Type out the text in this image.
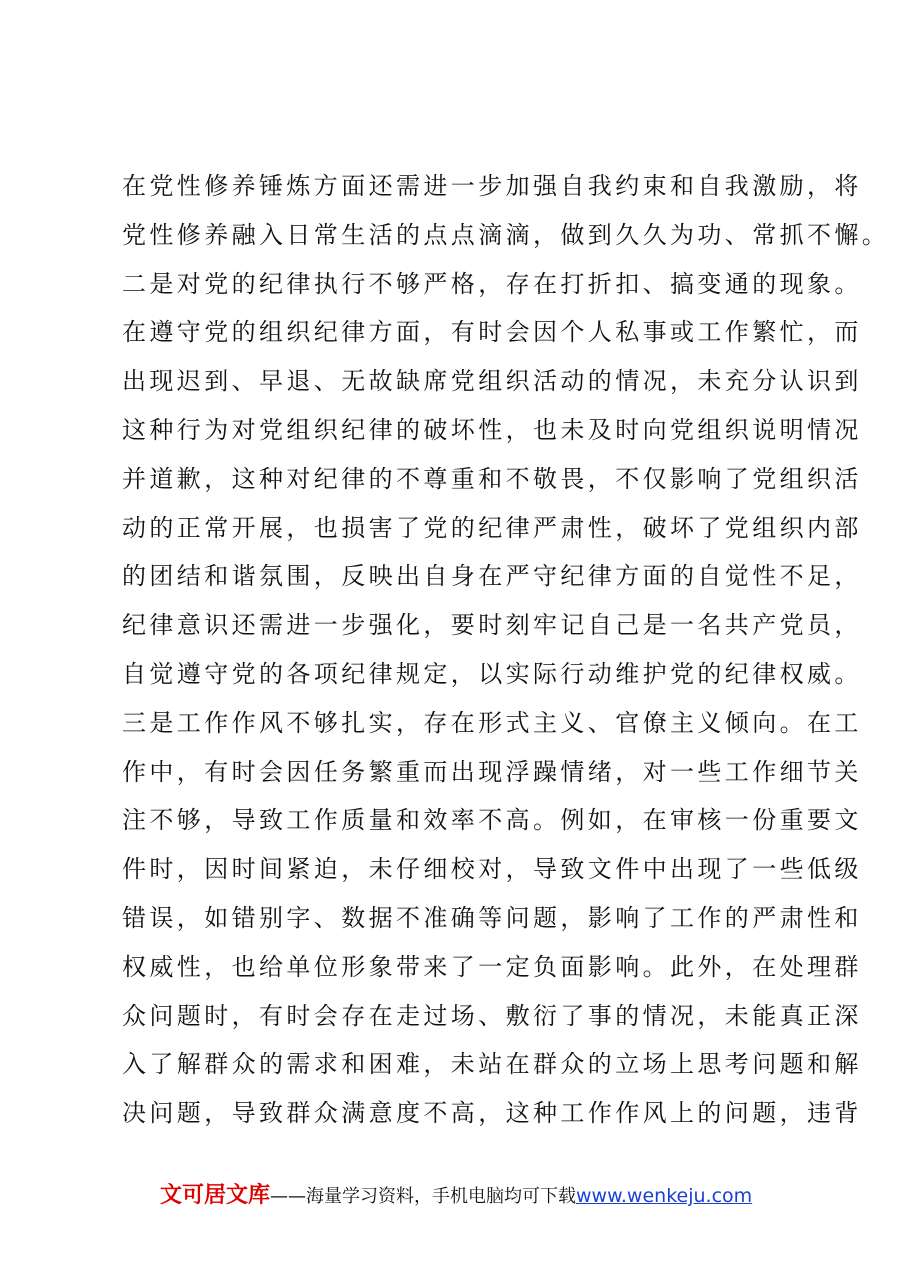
在党性修养锤炼方面还需进一步加强自我约束和自我激励，将
党性修养融入日常生活的点点滴滴，做到久久为功、常抓不懈。
二是对党的纪律执行不够严格，存在打折扣、搞变通的现象。
在遵守党的组织纪律方面，有时会因个人私事或工作繁忙，而
出现迟到、早退、无故缺席党组织活动的情况，未充分认识到
这种行为对党组织纪律的破坏性，也未及时向党组织说明情况
并道歉，这种对纪律的不尊重和不敬畏，不仅影响了党组织活
动的正常开展，也损害了党的纪律严肃性，破坏了党组织内部
的团结和谐氛围，反映出自身在严守纪律方面的自觉性不足，
纪律意识还需进一步强化，要时刻牢记自己是一名共产党员，
自觉遵守党的各项纪律规定，以实际行动维护党的纪律权威。
三是工作作风不够扎实，存在形式主义、官僚主义倾向。在工
作中，有时会因任务繁重而出现浮躁情绪，对一些工作细节关
注不够，导致工作质量和效率不高。例如，在审核一份重要文
件时，因时间紧迫，未仔细校对，导致文件中出现了一些低级
错误，如错别字、数据不准确等问题，影响了工作的严肃性和
权威性，也给单位形象带来了一定负面影响。此外，在处理群
众问题时，有时会存在走过场、敷衍了事的情况，未能真正深
入了解群众的需求和困难，未站在群众的立场上思考问题和解
决问题，导致群众满意度不高，这种工作作风上的问题，违背
文可居文库——海量学习资料，手机电脑均可下载www.wenkeju.com
